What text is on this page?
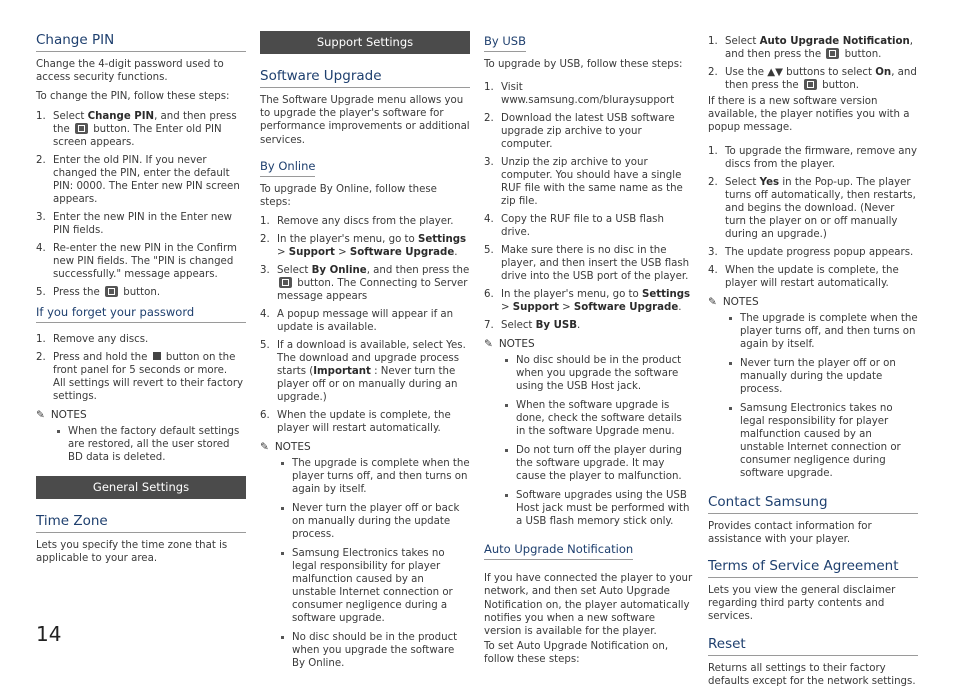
Change PIN

Change the 4-digit password used to access security functions.

To change the PIN, follow these steps:

1. Select Change PIN, and then press the  button. The Enter old PIN screen appears.
2. Enter the old PIN. If you never changed the PIN, enter the default PIN: 0000. The Enter new PIN screen appears.
3. Enter the new PIN in the Enter new PIN fields.
4. Re-enter the new PIN in the Confirm new PIN fields. The "PIN is changed successfully." message appears.
5. Press the  button.
If you forget your password
1. Remove any discs.
2. Press and hold the  button on the front panel for 5 seconds or more.
All settings will revert to their factory settings.
✎ NOTES
When the factory default settings are restored, all the user stored BD data is deleted.
General Settings
Time Zone

Lets you specify the time zone that is applicable to your area.

Support Settings
Software Upgrade

The Software Upgrade menu allows you to upgrade the player's software for performance improvements or additional services.

By Online

To upgrade By Online, follow these steps:

1. Remove any discs from the player.
2. In the player's menu, go to Settings > Support > Software Upgrade.
3. Select By Online, and then press the  button. The Connecting to Server message appears
4. A popup message will appear if an update is available.
5. If a download is available, select Yes. The download and upgrade process starts (Important : Never turn the player off or on manually during an upgrade.)
6. When the update is complete, the player will restart automatically.
✎ NOTES
The upgrade is complete when the player turns off, and then turns on again by itself.
Never turn the player off or back on manually during the update process.
Samsung Electronics takes no legal responsibility for player malfunction caused by an unstable Internet connection or consumer negligence during a software upgrade.
No disc should be in the product when you upgrade the software By Online.
By USB

To upgrade by USB, follow these steps:

1. Visit www.samsung.com/bluraysupport
2. Download the latest USB software upgrade zip archive to your computer.
3. Unzip the zip archive to your computer. You should have a single RUF file with the same name as the zip file.
4. Copy the RUF file to a USB flash drive.
5. Make sure there is no disc in the player, and then insert the USB flash drive into the USB port of the player.
6. In the player's menu, go to Settings > Support > Software Upgrade.
7. Select By USB.
✎ NOTES
No disc should be in the product when you upgrade the software using the USB Host jack.
When the software upgrade is done, check the software details in the software Upgrade menu.
Do not turn off the player during the software upgrade. It may cause the player to malfunction.
Software upgrades using the USB Host jack must be performed with a USB flash memory stick only.
Auto Upgrade Notification

If you have connected the player to your network, and then set Auto Upgrade Notification on, the player automatically notifies you when a new software version is available for the player.

To set Auto Upgrade Notification on, follow these steps:

1. Select Auto Upgrade Notification, and then press the  button.
2. Use the ▲▼ buttons to select On, and then press the  button.

If there is a new software version available, the player notifies you with a popup message.

1. To upgrade the firmware, remove any discs from the player.
2. Select Yes in the Pop-up. The player turns off automatically, then restarts, and begins the download. (Never turn the player on or off manually during an upgrade.)
3. The update progress popup appears.
4. When the update is complete, the player will restart automatically.
✎ NOTES
The upgrade is complete when the player turns off, and then turns on again by itself.
Never turn the player off or on manually during the update process.
Samsung Electronics takes no legal responsibility for player malfunction caused by an unstable Internet connection or consumer negligence during software upgrade.
Contact Samsung

Provides contact information for assistance with your player.

Terms of Service Agreement

Lets you view the general disclaimer regarding third party contents and services.

Reset

Returns all settings to their factory defaults except for the network settings.

14
